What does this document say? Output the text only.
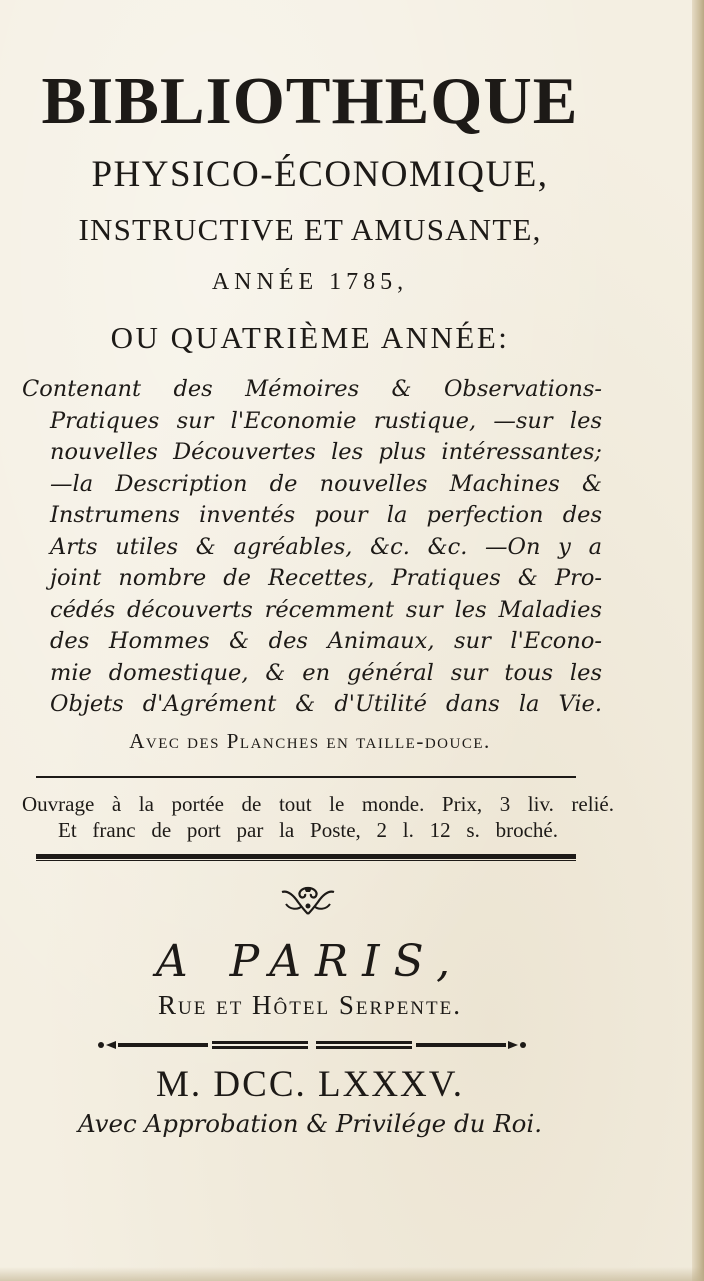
BIBLIOTHEQUE
PHYSICO-ÉCONOMIQUE,
INSTRUCTIVE ET AMUSANTE,
ANNÉE 1785,
OU QUATRIÈME ANNÉE:
Contenant des Mémoires & Observations-
Pratiques sur l'Economie rustique, —sur les
nouvelles Découvertes les plus intéressantes;
—la Description de nouvelles Machines &
Instrumens inventés pour la perfection des
Arts utiles & agréables, &c. &c. —On y a
joint nombre de Recettes, Pratiques & Pro-
cédés découverts récemment sur les Maladies
des Hommes & des Animaux, sur l'Econo-
mie domestique, & en général sur tous les
Objets d'Agrément & d'Utilité dans la Vie.
Avec des Planches en taille-douce.
Ouvrage à la portée de tout le monde. Prix, 3 liv. relié.
Et franc de port par la Poste, 2 l. 12 s. broché.
A PARIS,
Rue et Hôtel Serpente.
M. DCC. LXXXV.
Avec Approbation & Privilége du Roi.
